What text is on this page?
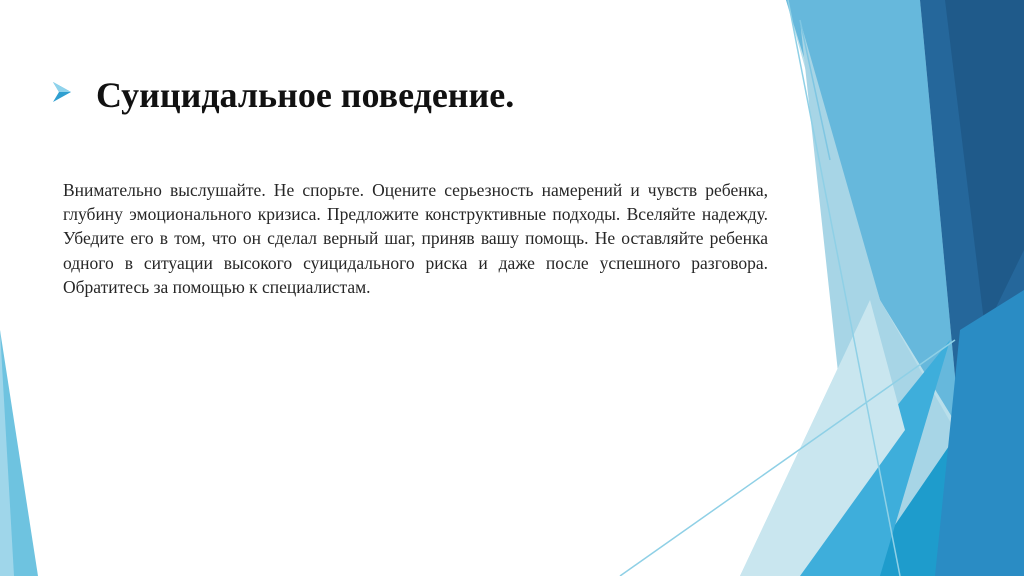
Суицидальное поведение.
Внимательно выслушайте. Не спорьте. Оцените серьезность намерений и чувств ребенка, глубину эмоционального кризиса. Предложите конструктивные подходы. Вселяйте надежду. Убедите его в том, что он сделал верный шаг, приняв вашу помощь. Не оставляйте ребенка одного в ситуации высокого суицидального риска и даже после успешного разговора. Обратитесь за помощью к специалистам.
